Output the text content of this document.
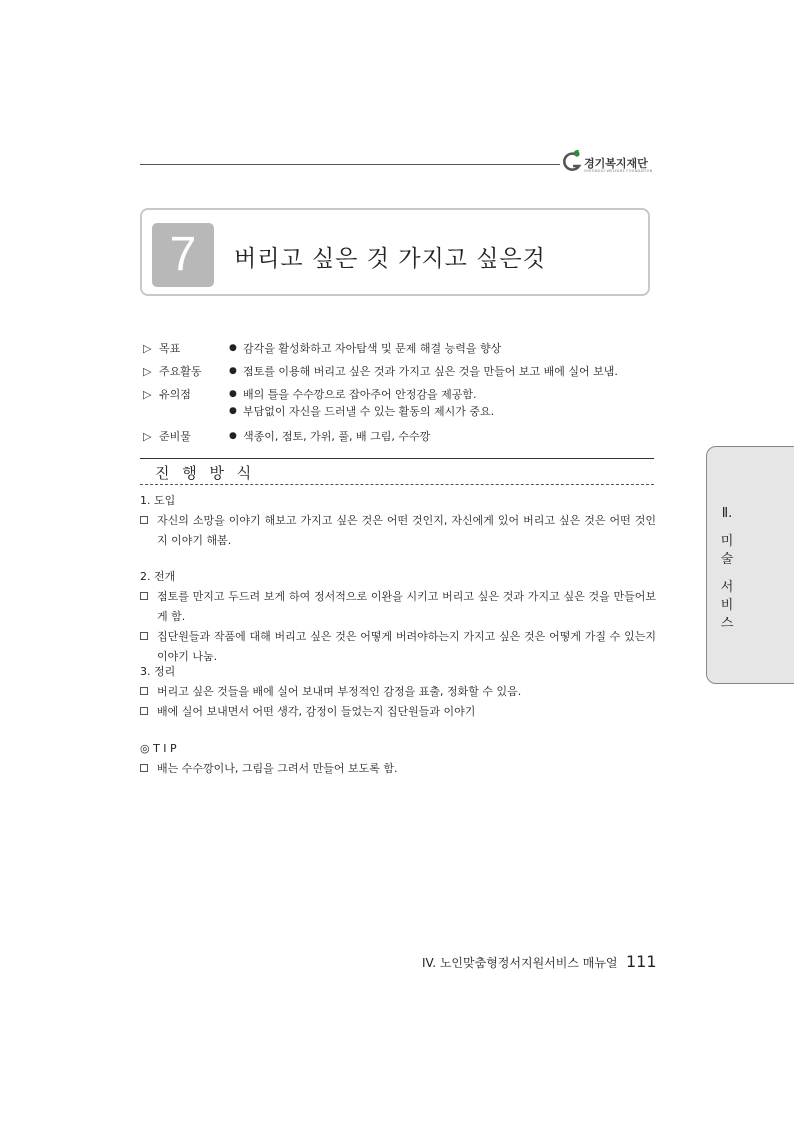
경기복지재단
GYEONGGI WELFARE FOUNDATION
7	버리고 싶은 것 가지고 싶은것
▷ 목표	● 감각을 활성화하고 자아탐색 및 문제 해결 능력을 향상
▷ 주요활동	● 점토를 이용해 버리고 싶은 것과 가지고 싶은 것을 만들어 보고 배에 실어 보냄.
▷ 유의점	● 배의 틀을 수수깡으로 잡아주어 안정감을 제공함.
● 부담없이 자신을 드러낼 수 있는 활동의 제시가 중요.
▷ 준비물	● 색종이, 점토, 가위, 풀, 배 그림, 수수깡
진 행 방 식
1. 도입
자신의 소망을 이야기 해보고 가지고 싶은 것은 어떤 것인지, 자신에게 있어 버리고 싶은 것은 어떤 것인지 이야기 해봄.
2. 전개
점토를 만지고 두드려 보게 하여 정서적으로 이완을 시키고 버리고 싶은 것과 가지고 싶은 것을 만들어보게 함.
집단원들과 작품에 대해 버리고 싶은 것은 어떻게 버려야하는지 가지고 싶은 것은 어떻게 가질 수 있는지 이야기 나눔.
3. 정리
버리고 싶은 것들을 배에 실어 보내며 부정적인 감정을 표출, 정화할 수 있음.
배에 실어 보내면서 어떤 생각, 감정이 들었는지 집단원들과 이야기
◎ T I P
배는 수수깡이나, 그림을 그려서 만들어 보도록 함.
Ⅱ.
미
술
서
비
스
IV. 노인맞춤형정서지원서비스 매뉴얼 111
